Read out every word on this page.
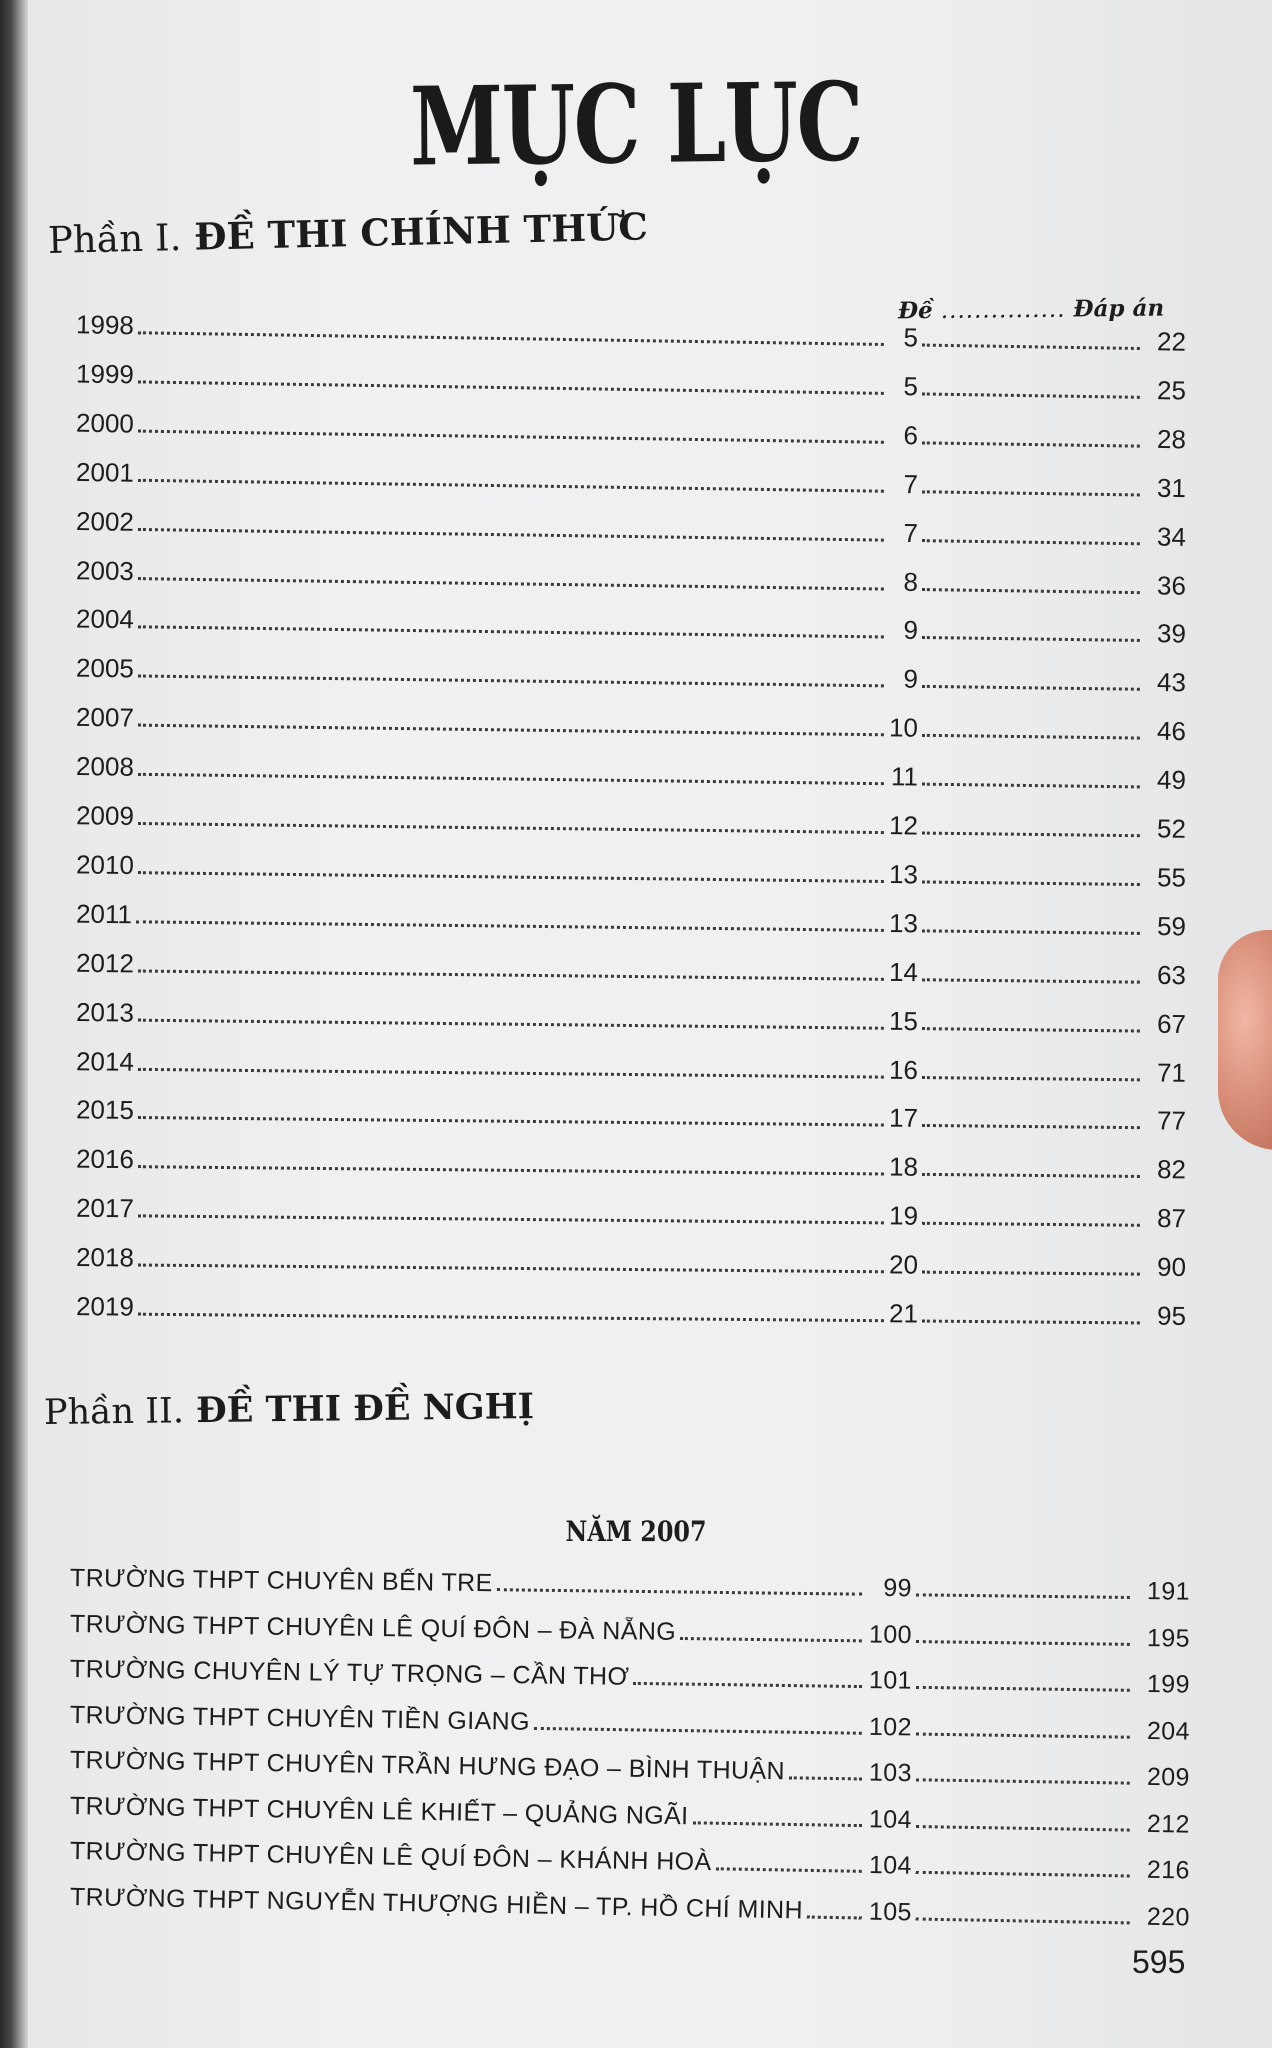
MỤC LỤC
Phần I. ĐỀ THI CHÍNH THỨC
Đề ............... Đáp án
1998	5	22
1999	5	25
2000	6	28
2001	7	31
2002	7	34
2003	8	36
2004	9	39
2005	9	43
2007	10	46
2008	11	49
2009	12	52
2010	13	55
2011	13	59
2012	14	63
2013	15	67
2014	16	71
2015	17	77
2016	18	82
2017	19	87
2018	20	90
2019	21	95
Phần II. ĐỀ THI ĐỀ NGHỊ
NĂM 2007
TRƯỜNG THPT CHUYÊN BẾN TRE	99	191
TRƯỜNG THPT CHUYÊN LÊ QUÍ ĐÔN – ĐÀ NẴNG	100	195
TRƯỜNG CHUYÊN LÝ TỰ TRỌNG – CẦN THƠ	101	199
TRƯỜNG THPT CHUYÊN TIỀN GIANG	102	204
TRƯỜNG THPT CHUYÊN TRẦN HƯNG ĐẠO – BÌNH THUẬN	103	209
TRƯỜNG THPT CHUYÊN LÊ KHIẾT – QUẢNG NGÃI	104	212
TRƯỜNG THPT CHUYÊN LÊ QUÍ ĐÔN – KHÁNH HOÀ	104	216
TRƯỜNG THPT NGUYỄN THƯỢNG HIỀN – TP. HỒ CHÍ MINH	105	220
595
